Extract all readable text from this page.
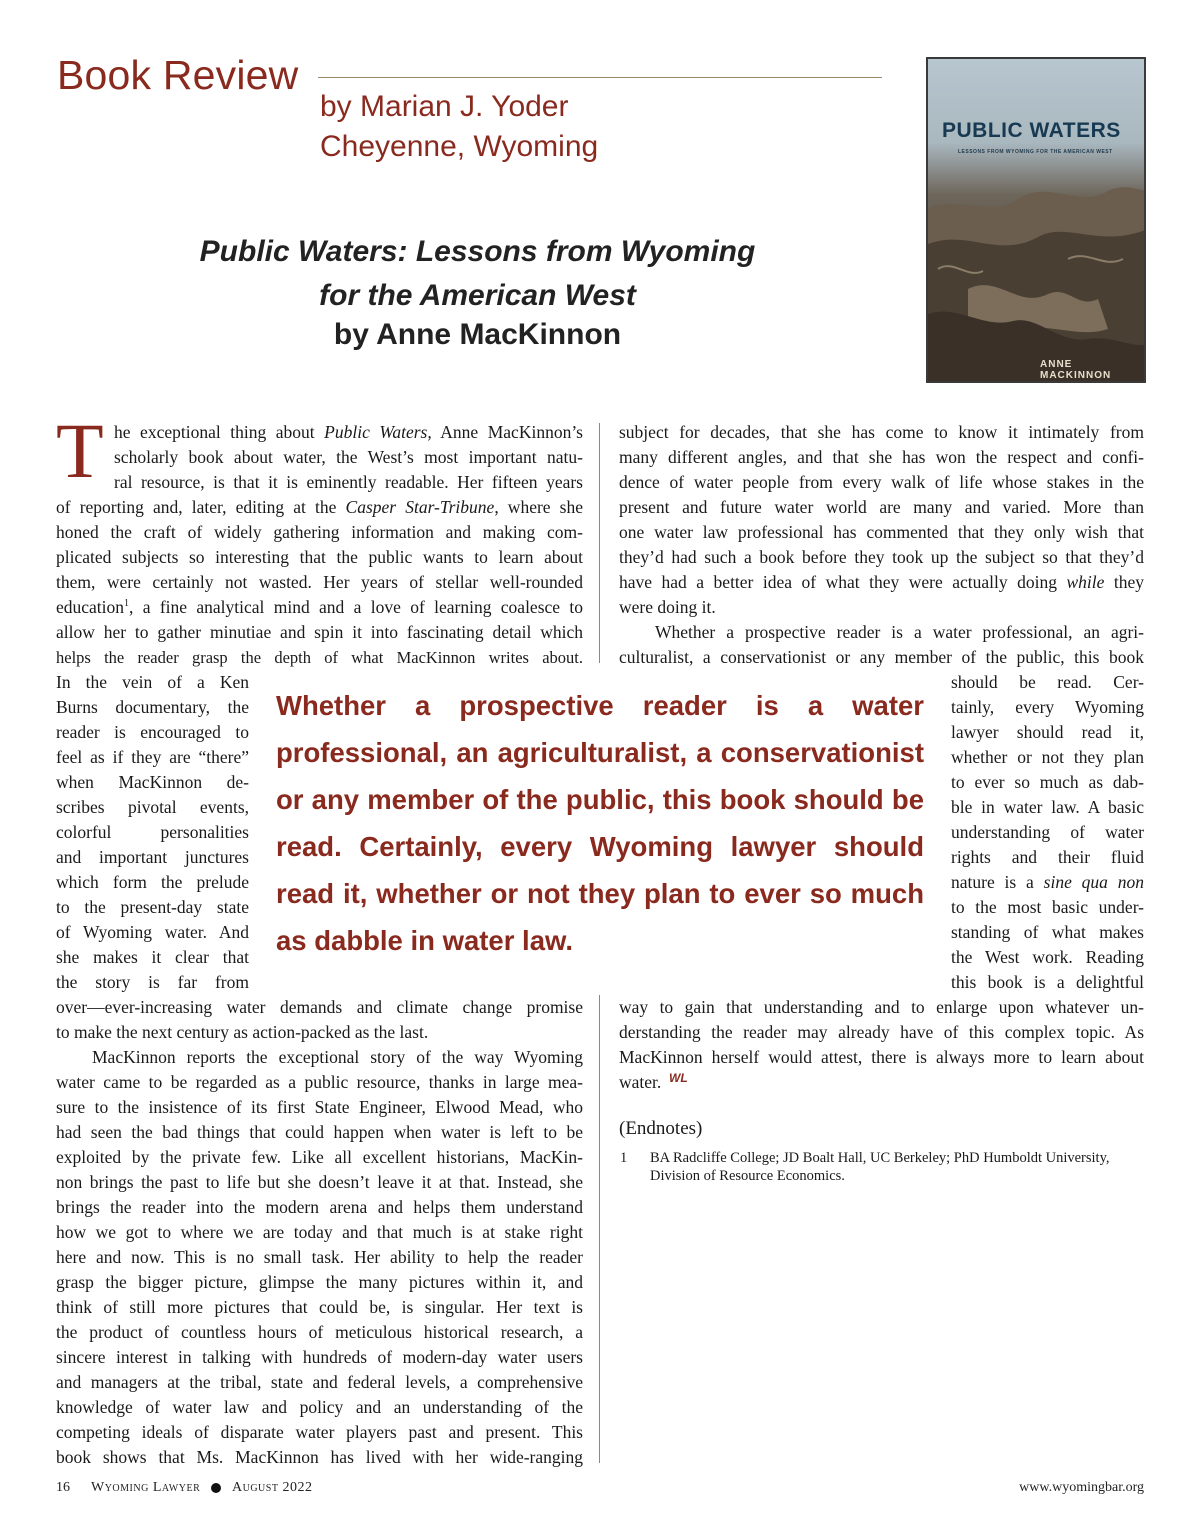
Book Review
by Marian J. Yoder
Cheyenne, Wyoming	PUBLIC WATERS
LESSONS FROM WYOMING FOR THE AMERICAN WEST
ANNE MACKINNON
Public Waters: Lessons from Wyoming
for the American West
by Anne MacKinnon
T he exceptional thing about Public Waters, Anne MacKinnon’s
scholarly book about water, the West’s most important natu-
ral resource, is that it is eminently readable. Her fifteen years
of reporting and, later, editing at the Casper Star-Tribune, where she
honed the craft of widely gathering information and making com-
plicated subjects so interesting that the public wants to learn about
them, were certainly not wasted. Her years of stellar well-rounded
education$^1$, a fine analytical mind and a love of learning coalesce to
allow her to gather minutiae and spin it into fascinating detail which
helps the reader grasp the depth of what MacKinnon writes about.
In the vein of a Ken
Burns documentary, the
reader is encouraged to
feel as if they are “there”
when MacKinnon de-
scribes pivotal events,
colorful personalities
and important junctures
which form the prelude
to the present-day state
of Wyoming water. And
she makes it clear that
the story is far from
over—ever-increasing water demands and climate change promise
to make the next century as action-packed as the last.
MacKinnon reports the exceptional story of the way Wyoming
water came to be regarded as a public resource, thanks in large mea-
sure to the insistence of its first State Engineer, Elwood Mead, who
had seen the bad things that could happen when water is left to be
exploited by the private few. Like all excellent historians, MacKin-
non brings the past to life but she doesn’t leave it at that. Instead, she
brings the reader into the modern arena and helps them understand
how we got to where we are today and that much is at stake right
here and now. This is no small task. Her ability to help the reader
grasp the bigger picture, glimpse the many pictures within it, and
think of still more pictures that could be, is singular. Her text is
the product of countless hours of meticulous historical research, a
sincere interest in talking with hundreds of modern-day water users
and managers at the tribal, state and federal levels, a comprehensive
knowledge of water law and policy and an understanding of the
competing ideals of disparate water players past and present. This
book shows that Ms. MacKinnon has lived with her wide-ranging
subject for decades, that she has come to know it intimately from
many different angles, and that she has won the respect and confi-
dence of water people from every walk of life whose stakes in the
present and future water world are many and varied. More than
one water law professional has commented that they only wish that
they’d had such a book before they took up the subject so that they’d
have had a better idea of what they were actually doing while they
were doing it.
Whether a prospective reader is a water professional, an agri-
culturalist, a conservationist or any member of the public, this book
should be read. Cer-
tainly, every Wyoming
lawyer should read it,
whether or not they plan
to ever so much as dab-
ble in water law. A basic
understanding of water
rights and their fluid
nature is a sine qua non
to the most basic under-
standing of what makes
the West work. Reading
this book is a delightful
way to gain that understanding and to enlarge upon whatever un-
derstanding the reader may already have of this complex topic. As
MacKinnon herself would attest, there is always more to learn about
water.
Whether a prospective reader is a water professional, an agriculturalist, a conservationist or any member of the public, this book should be read. Certainly, every Wyoming lawyer should read it, whether or not they plan to ever so much as dabble in water law.
WL
(Endnotes)
1 BA Radcliffe College; JD Boalt Hall, UC Berkeley; PhD Humboldt University,
Division of Resource Economics.
16 Wyoming Lawyer August 2022	www.wyomingbar.org
